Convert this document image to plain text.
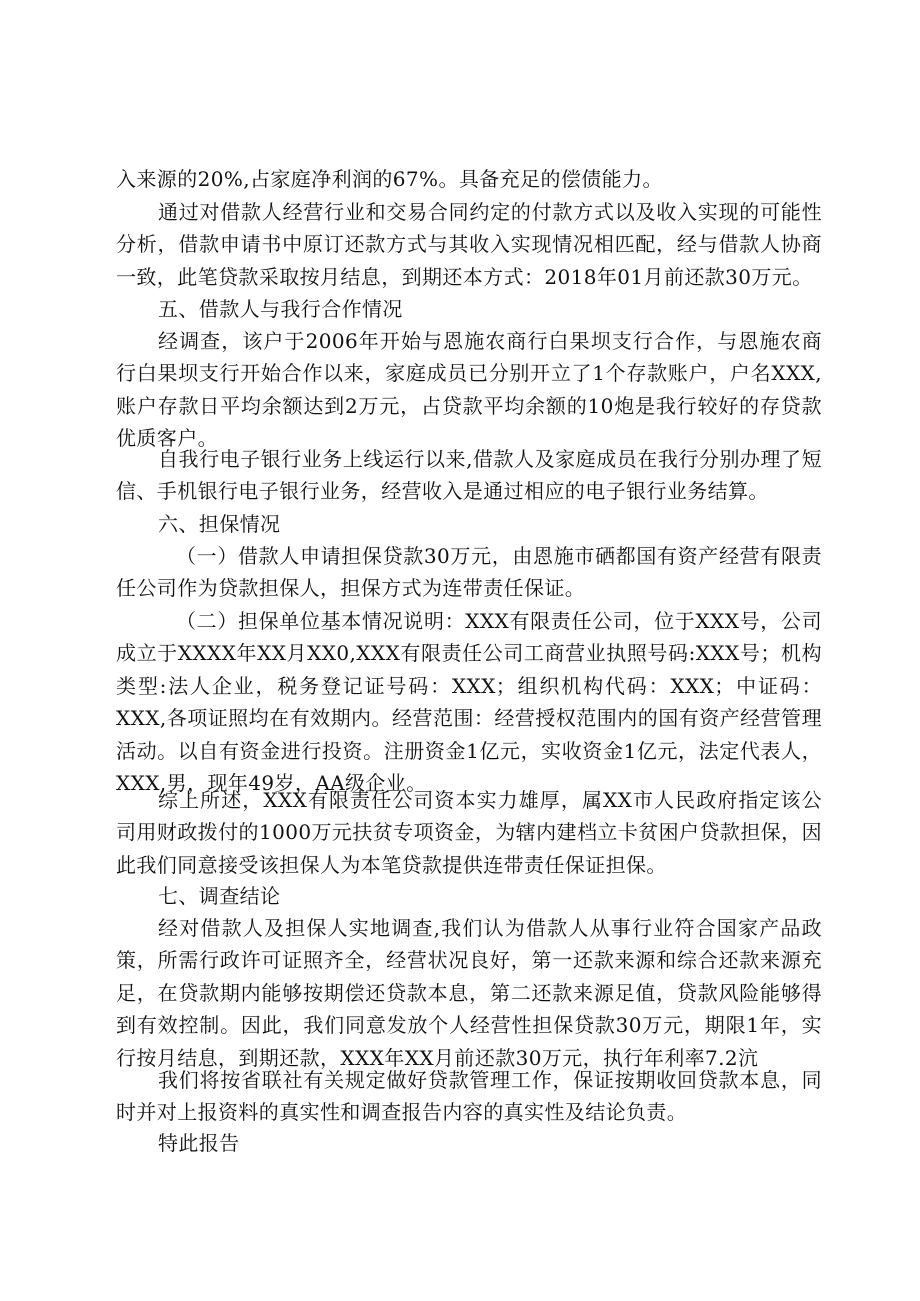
入来源的20%,占家庭净利润的67%。具备充足的偿债能力。

通过对借款人经营行业和交易合同约定的付款方式以及收入实现的可能性分析，借款申请书中原订还款方式与其收入实现情况相匹配，经与借款人协商一致，此笔贷款采取按月结息，到期还本方式：2018年01月前还款30万元。

五、借款人与我行合作情况

经调查，该户于2006年开始与恩施农商行白果坝支行合作，与恩施农商行白果坝支行开始合作以来，家庭成员已分别开立了1个存款账户，户名XXX,账户存款日平均余额达到2万元，占贷款平均余额的10炮是我行较好的存贷款优质客户。

自我行电子银行业务上线运行以来,借款人及家庭成员在我行分别办理了短信、手机银行电子银行业务，经营收入是通过相应的电子银行业务结算。

六、担保情况

（一）借款人申请担保贷款30万元，由恩施市硒都国有资产经营有限责任公司作为贷款担保人，担保方式为连带责任保证。

（二）担保单位基本情况说明：XXX有限责任公司，位于XXX号，公司成立于XXXX年XX月XX0,XXX有限责任公司工商营业执照号码:XXX号；机构类型:法人企业，税务登记证号码：XXX；组织机构代码：XXX；中证码：XXX,各项证照均在有效期内。经营范围：经营授权范围内的国有资产经营管理活动。以自有资金进行投资。注册资金1亿元，实收资金1亿元，法定代表人，XXX,男，现年49岁，AA级企业。

综上所述，XXX有限责任公司资本实力雄厚，属XX市人民政府指定该公司用财政拨付的1000万元扶贫专项资金，为辖内建档立卡贫困户贷款担保，因此我们同意接受该担保人为本笔贷款提供连带责任保证担保。

七、调查结论

经对借款人及担保人实地调查,我们认为借款人从事行业符合国家产品政策，所需行政许可证照齐全，经营状况良好，第一还款来源和综合还款来源充足，在贷款期内能够按期偿还贷款本息，第二还款来源足值，贷款风险能够得到有效控制。因此，我们同意发放个人经营性担保贷款30万元，期限1年，实行按月结息，到期还款，XXX年XX月前还款30万元，执行年利率7.2沆

我们将按省联社有关规定做好贷款管理工作，保证按期收回贷款本息，同时并对上报资料的真实性和调查报告内容的真实性及结论负责。

特此报告
